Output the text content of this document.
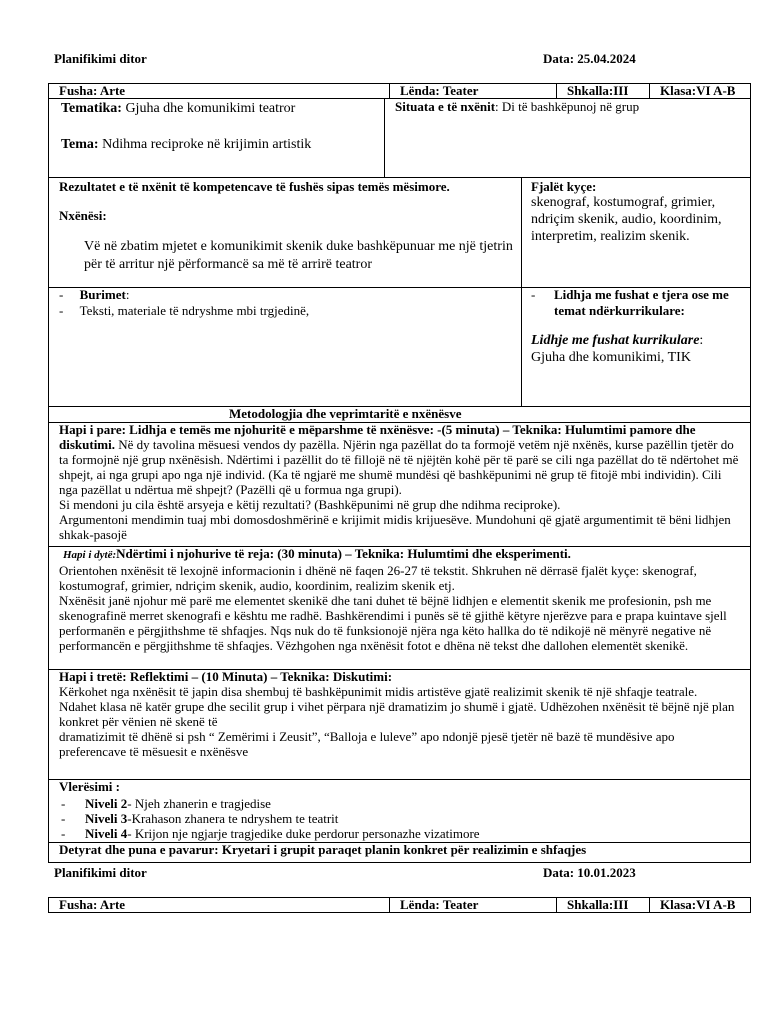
Planifikimi ditor	Data: 25.04.2024
Fusha: Arte	Lënda: Teater	Shkalla:III	Klasa:VI A-B
Tematika: Gjuha dhe komunikimi teatror
Tema: Ndihma reciproke në krijimin artistik
Situata e të nxënit: Di të bashkëpunoj në grup
Rezultatet e të nxënit të kompetencave të fushës sipas temës mësimore.
Nxënësi:
Vë në zbatim mjetet e komunikimit skenik duke bashkëpunuar me një tjetrin për të arritur një përformancë sa më të arrirë teatror
Fjalët kyçe:
skenograf, kostumograf, grimier, ndriçim skenik, audio, koordinim, interpretim, realizim skenik.
-     Burimet:
-     Tekstі, materiale të ndryshme mbi trgjedinë,
- Lidhja me fushat e tjera ose me temat ndërkurrikulare:
Lidhje me fushat kurrikulare:
Gjuha dhe komunikimi, TIK
Metodologjia dhe veprimtaritë e nxënësve

Hapi i pare: Lidhja e temës me njohuritë e mëparshme të nxënësve: -(5 minuta) – Teknika: Hulumtimi pamore dhe diskutimi. Në dy tavolina mësuesi vendos dy pazëlla. Njërin nga pazëllat do ta formojë vetëm një nxënës, kurse pazëllin tjetër do ta formojnë një grup nxënësish. Ndërtimi i pazëllit do të fillojë në të njëjtën kohë për të parë se cili nga pazëllat do të ndërtohet më shpejt, ai nga grupi apo nga një individ. (Ka të ngjarë me shumë mundësi që bashkëpunimi në grup të fitojë mbi individin). Cili nga pazëllat u ndërtua më shpejt? (Pazëlli që u formua nga grupi).

Si mendoni ju cila është arsyeja e këtij rezultati? (Bashkëpunimi në grup dhe ndihma reciproke).

Argumentoni mendimin tuaj mbi domosdoshmërinë e krijimit midis krijuesëve. Mundohuni që gjatë argumentimit të bëni lidhjen shkak-pasojë

Hapi i dytë:Ndërtimi i njohurive të reja: (30 minuta) – Teknika: Hulumtimi dhe eksperimenti.

Orientohen nxënësit të lexojnë informacionin i dhënë në faqen 26-27 të tekstit. Shkruhen në dërrasë fjalët kyçe: skenograf, kostumograf, grimier, ndriçim skenik, audio, koordinim, realizim skenik etj.

Nxënësit janë njohur më parë me elementet skenikë dhe tani duhet të bëjnë lidhjen e elementit skenik me profesionin, psh me skenografinë merret skenografi e kështu me radhë. Bashkërendimi i punës së të gjithë këtyre njerëzve para e prapa kuintave sjell performanën e përgjithshme të shfaqjes. Nqs nuk do të funksionojë njëra nga këto hallka do të ndikojë në mënyrë negative në performancën e përgjithshme të shfaqjes. Vëzhgohen nga nxënësit fotot e dhëna në tekst dhe dallohen elementët skenikë.

Hapi i tretë: Reflektimi – (10 Minuta) – Teknika: Diskutimi:

Kërkohet nga nxënësit të japin disa shembuj të bashkëpunimit midis artistëve gjatë realizimit skenik të një shfaqje teatrale.

Ndahet klasa në katër grupe dhe secilit grup i vihet përpara një dramatizim jo shumë i gjatë. Udhëzohen nxënësit të bëjnë një plan konkret për vënien në skenë të

dramatizimit të dhënë si psh “ Zemërimi i Zeusit”, “Balloja e luleve” apo ndonjë pjesë tjetër në bazë të mundësive apo preferencave të mësuesit e nxënësve

Vlerësimi :

- Niveli 2- Njeh zhanerin e tragjedise
- Niveli 3-Krahason zhanera te ndryshem te teatrit
- Niveli 4- Krijon nje ngjarje tragjedike duke perdorur personazhe vizatimore
Detyrat dhe puna e pavarur: Kryetari i grupit paraqet planin konkret për realizimin e shfaqjes
Planifikimi ditor	Data: 10.01.2023
Fusha: Arte	Lënda: Teater	Shkalla:III	Klasa:VI A-B
